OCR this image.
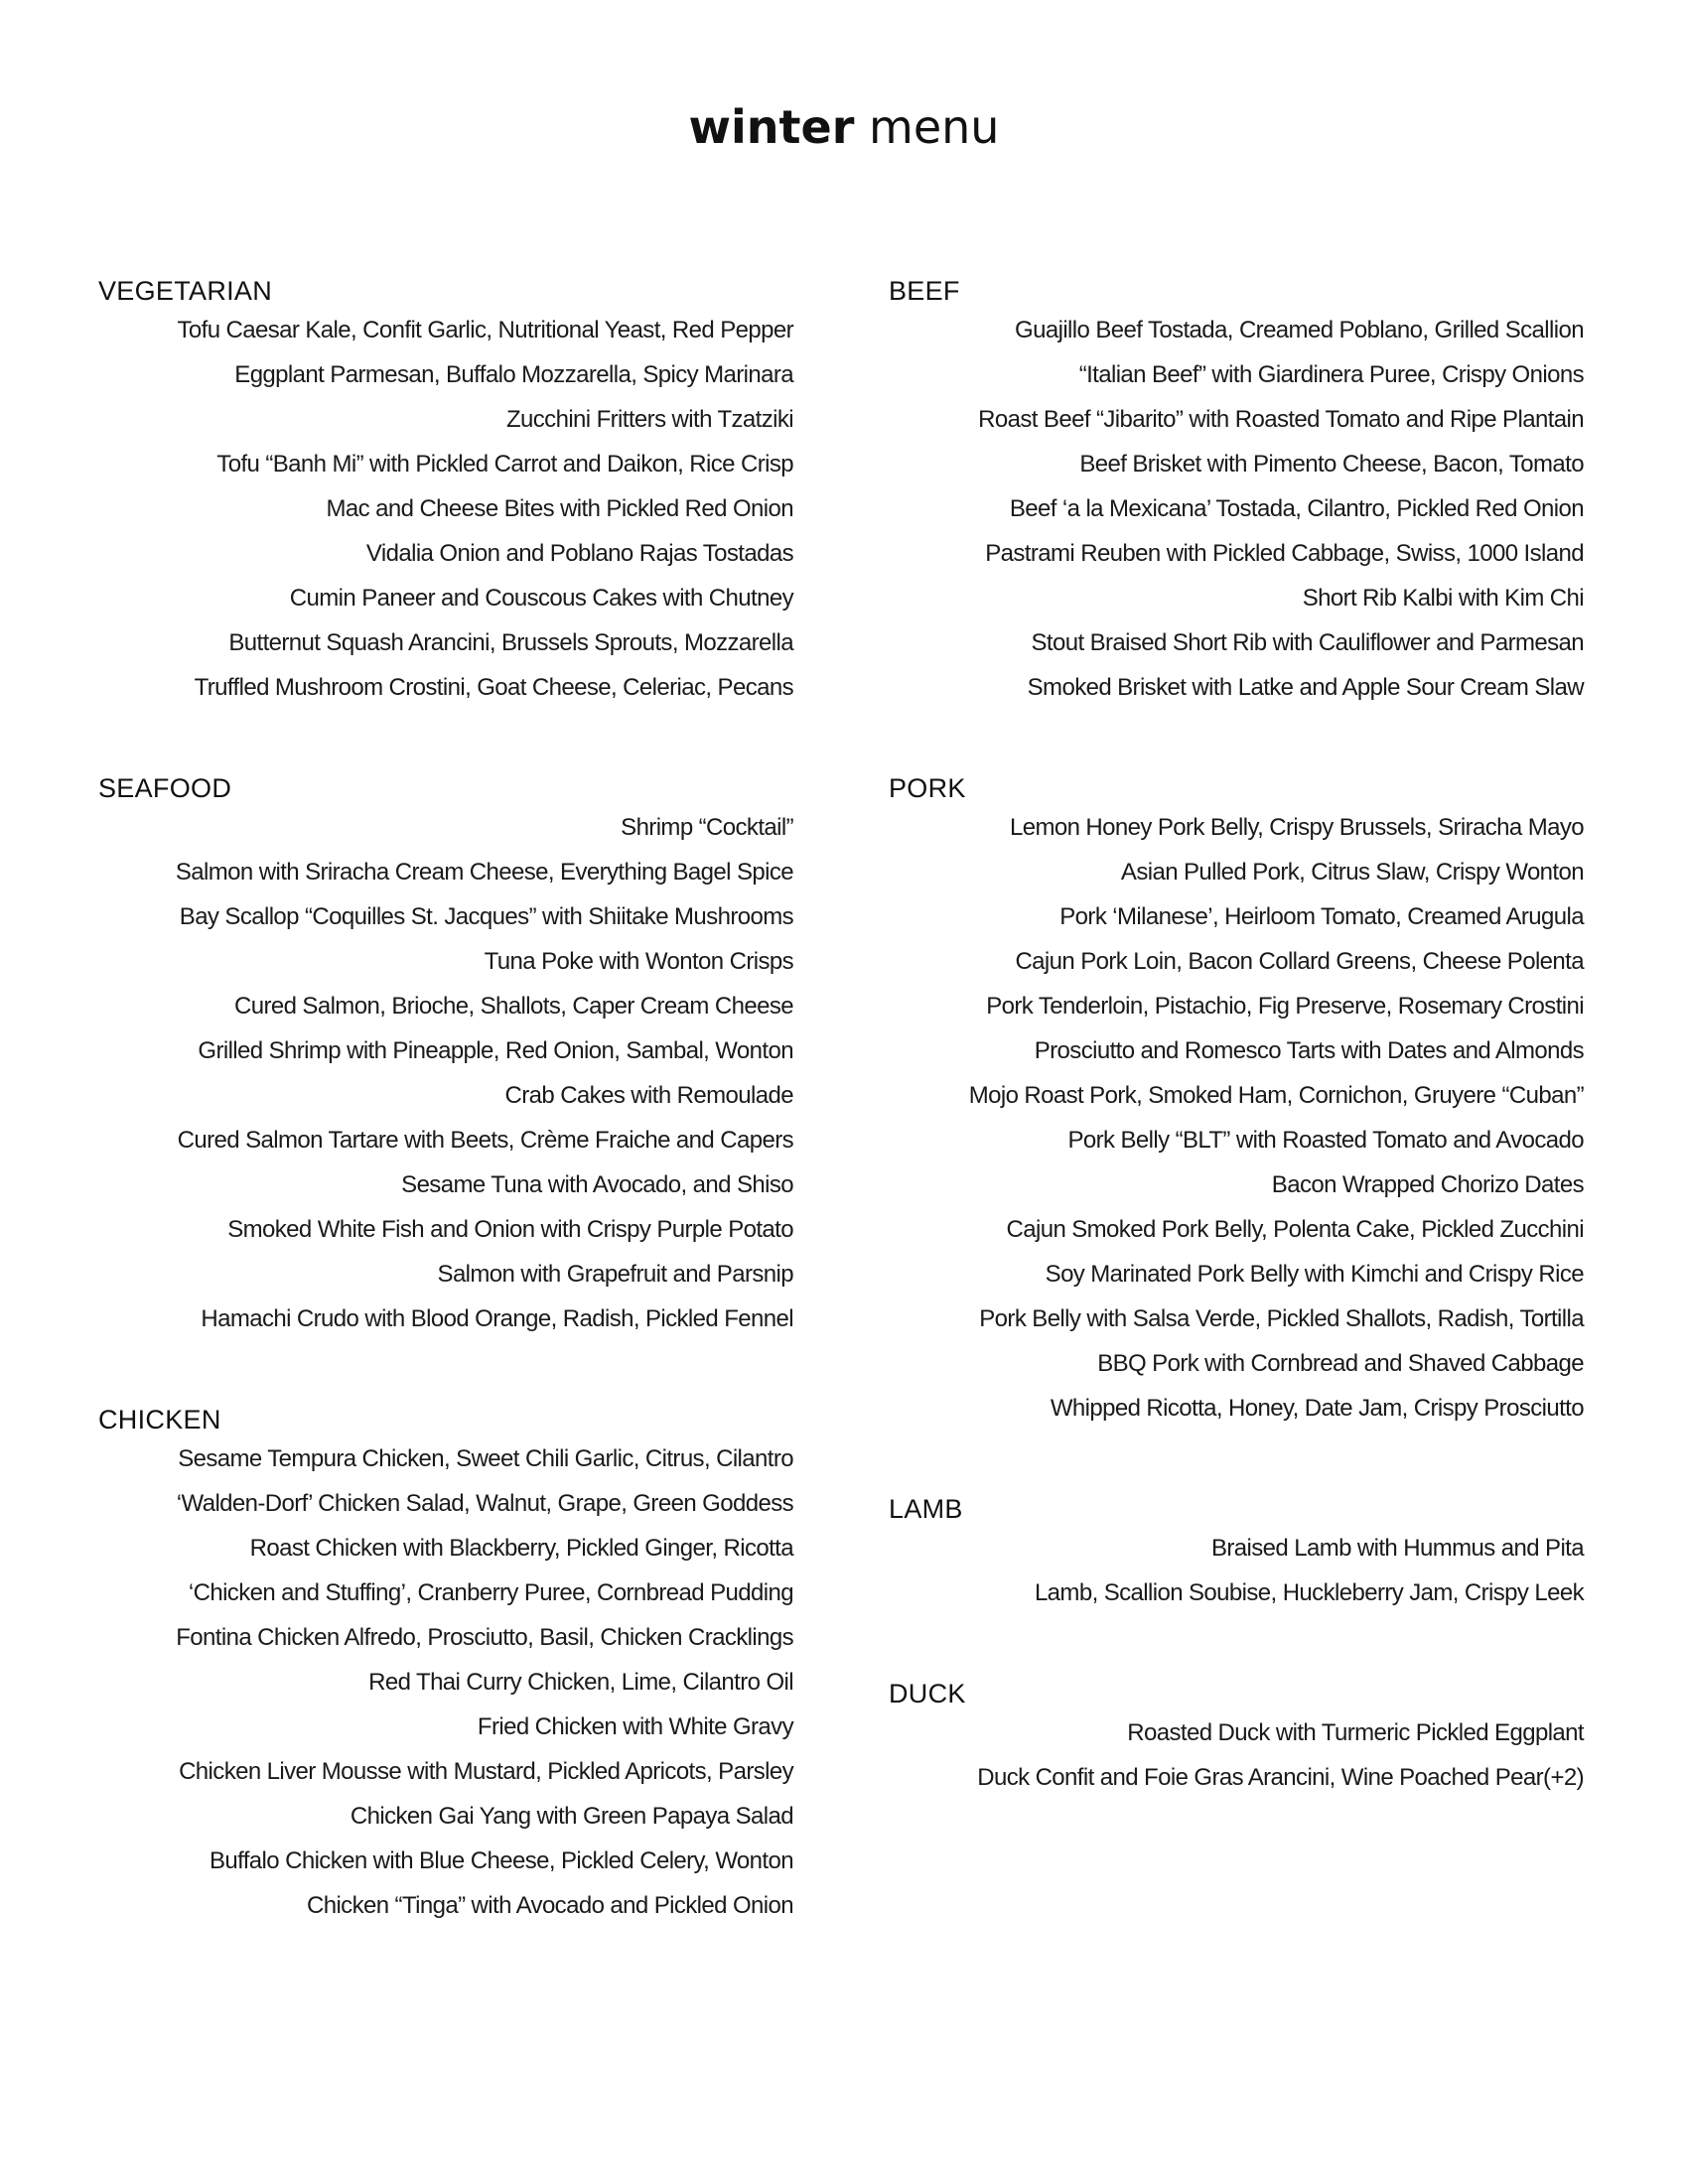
winter menu
VEGETARIAN
Tofu Caesar Kale, Confit Garlic, Nutritional Yeast, Red Pepper
Eggplant Parmesan, Buffalo Mozzarella, Spicy Marinara
Zucchini Fritters with Tzatziki
Tofu “Banh Mi” with Pickled Carrot and Daikon, Rice Crisp
Mac and Cheese Bites with Pickled Red Onion
Vidalia Onion and Poblano Rajas Tostadas
Cumin Paneer and Couscous Cakes with Chutney
Butternut Squash Arancini, Brussels Sprouts, Mozzarella
Truffled Mushroom Crostini, Goat Cheese, Celeriac, Pecans
SEAFOOD
Shrimp “Cocktail”
Salmon with Sriracha Cream Cheese, Everything Bagel Spice
Bay Scallop “Coquilles St. Jacques” with Shiitake Mushrooms
Tuna Poke with Wonton Crisps
Cured Salmon, Brioche, Shallots, Caper Cream Cheese
Grilled Shrimp with Pineapple, Red Onion, Sambal, Wonton
Crab Cakes with Remoulade
Cured Salmon Tartare with Beets, Crème Fraiche and Capers
Sesame Tuna with Avocado, and Shiso
Smoked White Fish and Onion with Crispy Purple Potato
Salmon with Grapefruit and Parsnip
Hamachi Crudo with Blood Orange, Radish, Pickled Fennel
CHICKEN
Sesame Tempura Chicken, Sweet Chili Garlic, Citrus, Cilantro
‘Walden-Dorf’ Chicken Salad, Walnut, Grape, Green Goddess
Roast Chicken with Blackberry, Pickled Ginger, Ricotta
‘Chicken and Stuffing’, Cranberry Puree, Cornbread Pudding
Fontina Chicken Alfredo, Prosciutto, Basil, Chicken Cracklings
Red Thai Curry Chicken, Lime, Cilantro Oil
Fried Chicken with White Gravy
Chicken Liver Mousse with Mustard, Pickled Apricots, Parsley
Chicken Gai Yang with Green Papaya Salad
Buffalo Chicken with Blue Cheese, Pickled Celery, Wonton
Chicken “Tinga” with Avocado and Pickled Onion
BEEF
Guajillo Beef Tostada, Creamed Poblano, Grilled Scallion
“Italian Beef” with Giardinera Puree, Crispy Onions
Roast Beef “Jibarito” with Roasted Tomato and Ripe Plantain
Beef Brisket with Pimento Cheese, Bacon, Tomato
Beef ‘a la Mexicana’ Tostada, Cilantro, Pickled Red Onion
Pastrami Reuben with Pickled Cabbage, Swiss, 1000 Island
Short Rib Kalbi with Kim Chi
Stout Braised Short Rib with Cauliflower and Parmesan
Smoked Brisket with Latke and Apple Sour Cream Slaw
PORK
Lemon Honey Pork Belly, Crispy Brussels, Sriracha Mayo
Asian Pulled Pork, Citrus Slaw, Crispy Wonton
Pork ‘Milanese’, Heirloom Tomato, Creamed Arugula
Cajun Pork Loin, Bacon Collard Greens, Cheese Polenta
Pork Tenderloin, Pistachio, Fig Preserve, Rosemary Crostini
Prosciutto and Romesco Tarts with Dates and Almonds
Mojo Roast Pork, Smoked Ham, Cornichon, Gruyere “Cuban”
Pork Belly “BLT” with Roasted Tomato and Avocado
Bacon Wrapped Chorizo Dates
Cajun Smoked Pork Belly, Polenta Cake, Pickled Zucchini
Soy Marinated Pork Belly with Kimchi and Crispy Rice
Pork Belly with Salsa Verde, Pickled Shallots, Radish, Tortilla
BBQ Pork with Cornbread and Shaved Cabbage
Whipped Ricotta, Honey, Date Jam, Crispy Prosciutto
LAMB
Braised Lamb with Hummus and Pita
Lamb, Scallion Soubise, Huckleberry Jam, Crispy Leek
DUCK
Roasted Duck with Turmeric Pickled Eggplant
Duck Confit and Foie Gras Arancini, Wine Poached Pear(+2)
